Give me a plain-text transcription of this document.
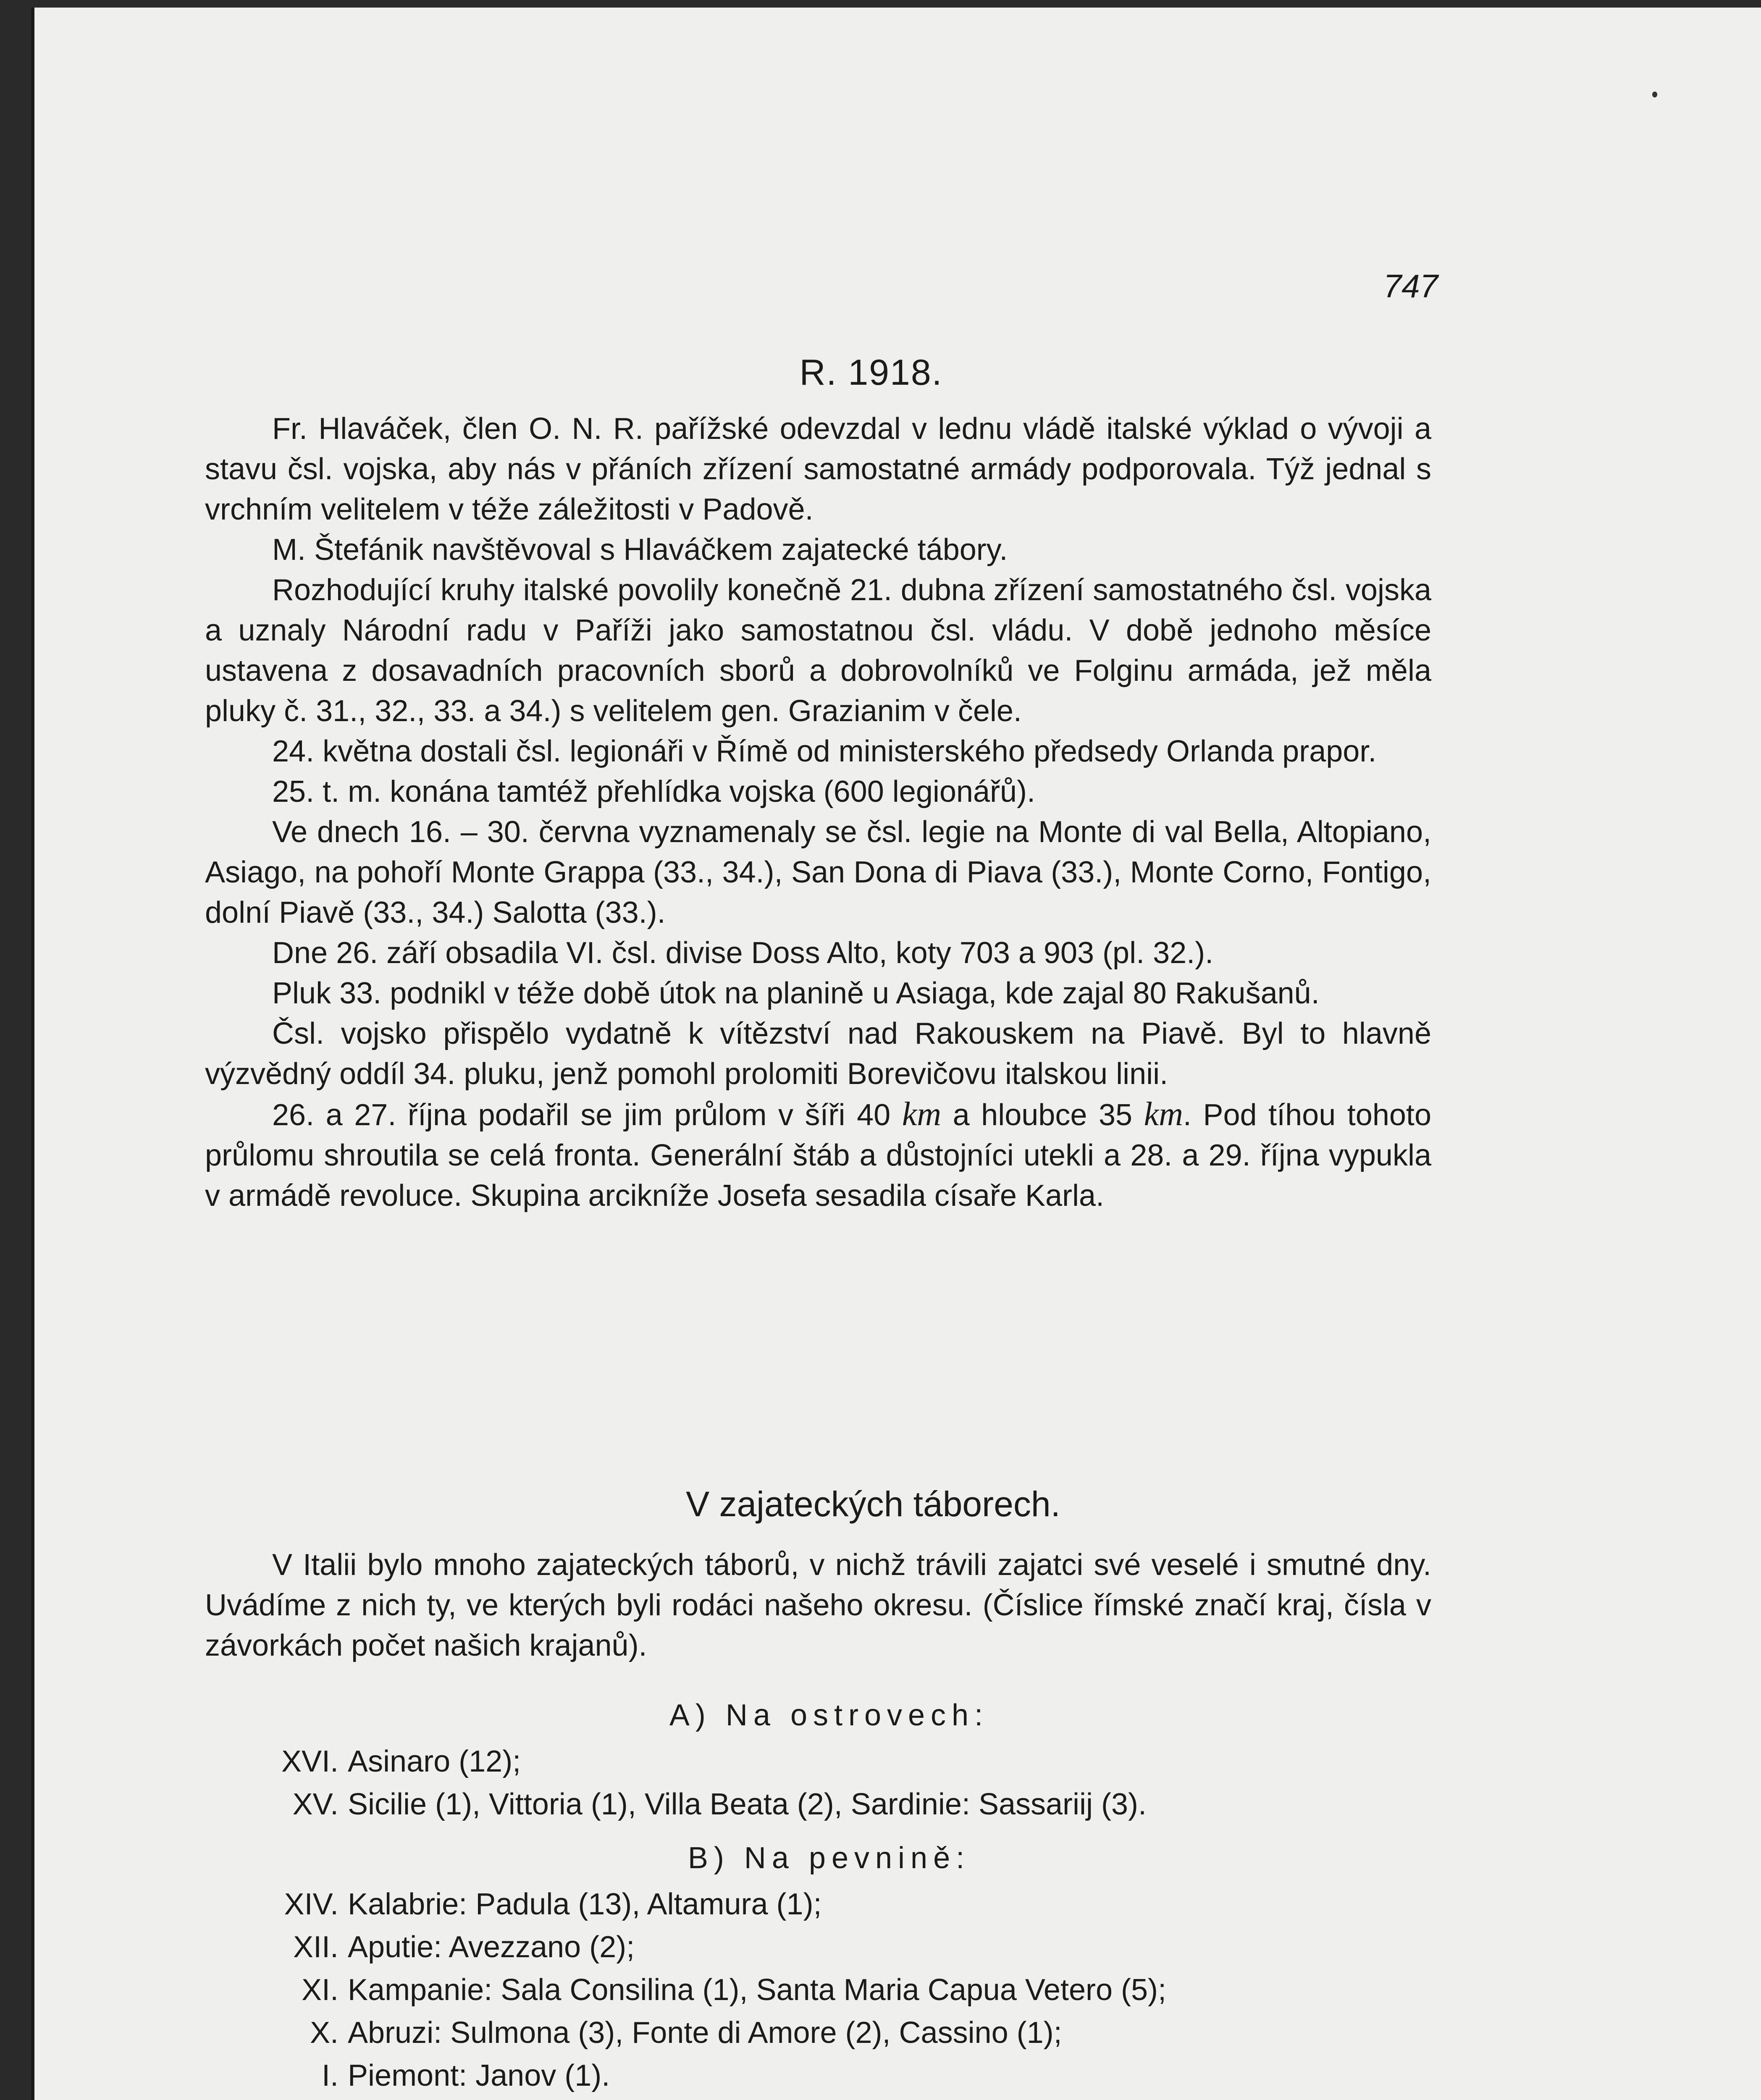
747
R. 1918.

Fr. Hlaváček, člen O. N. R. pařížské odevzdal v lednu vládě italské výklad o vývoji a stavu čsl. vojska, aby nás v přáních zřízení samostatné armády podporovala. Týž jednal s vrchním velitelem v téže záležitosti v Padově.

M. Štefánik navštěvoval s Hlaváčkem zajatecké tábory.

Rozhodující kruhy italské povolily konečně 21. dubna zřízení samostatného čsl. vojska a uznaly Národní radu v Paříži jako samostatnou čsl. vládu. V době jednoho měsíce ustavena z dosavadních pracovních sborů a dobrovolníků ve Folginu armáda, jež měla pluky č. 31., 32., 33. a 34.) s velitelem gen. Grazianim v čele.

24. května dostali čsl. legionáři v Římě od ministerského předsedy Orlanda prapor.

25. t. m. konána tamtéž přehlídka vojska (600 legionářů).

Ve dnech 16. – 30. června vyznamenaly se čsl. legie na Monte di val Bella, Altopiano, Asiago, na pohoří Monte Grappa (33., 34.), San Dona di Piava (33.), Monte Corno, Fontigo, dolní Piavě (33., 34.) Salotta (33.).

Dne 26. září obsadila VI. čsl. divise Doss Alto, koty 703 a 903 (pl. 32.).

Pluk 33. podnikl v téže době útok na planině u Asiaga, kde zajal 80 Rakušanů.

Čsl. vojsko přispělo vydatně k vítězství nad Rakouskem na Piavě. Byl to hlavně výzvědný oddíl 34. pluku, jenž pomohl prolomiti Borevičovu italskou linii.

26. a 27. října podařil se jim průlom v šíři 40 km a hloubce 35 km. Pod tíhou tohoto průlomu shroutila se celá fronta. Generální štáb a důstojníci utekli a 28. a 29. října vypukla v armádě revoluce. Skupina arcikníže Josefa sesadila císaře Karla.

V zajateckých táborech.

V Italii bylo mnoho zajateckých táborů, v nichž trávili zajatci své veselé i smutné dny. Uvádíme z nich ty, ve kterých byli rodáci našeho okresu. (Číslice římské značí kraj, čísla v závorkách počet našich krajanů).

A) Na ostrovech:
XVI. Asinaro (12);
XV. Sicilie (1), Vittoria (1), Villa Beata (2), Sardinie: Sassariij (3).
B) Na pevnině:
XIV. Kalabrie: Padula (13), Altamura (1);
XII. Aputie: Avezzano (2);
XI. Kampanie: Sala Consilina (1), Santa Maria Capua Vetero (5);
X. Abruzi: Sulmona (3), Fonte di Amore (2), Cassino (1);
I. Piemont: Janov (1).
